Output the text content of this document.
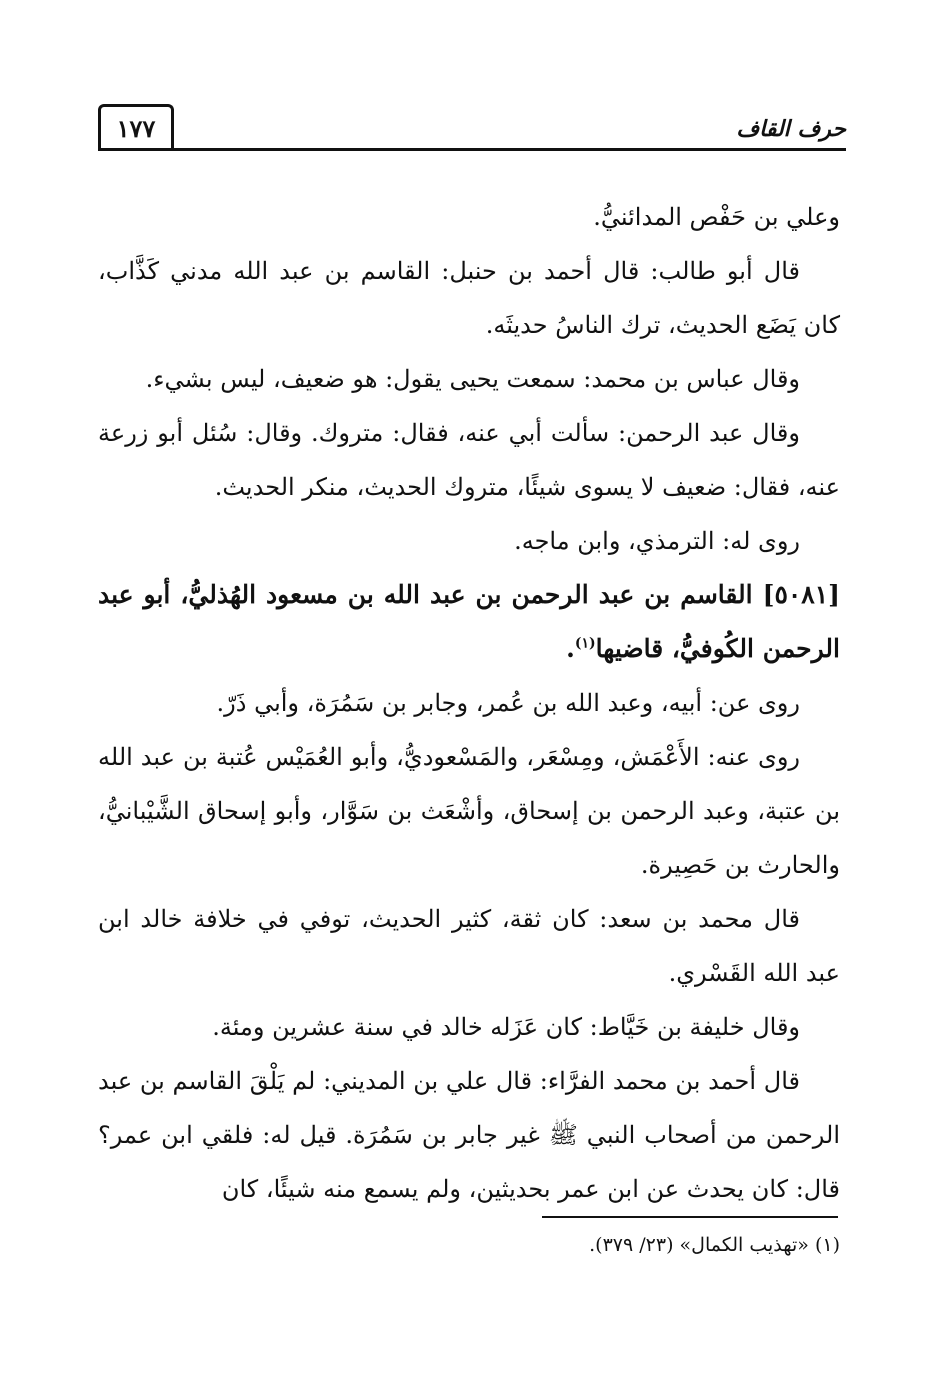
١٧٧	حرف القاف

وعلي بن حَفْص المدائنيُّ.

قال أبو طالب: قال أحمد بن حنبل: القاسم بن عبد الله مدني كَذَّاب، كان يَضَع الحديث، ترك الناسُ حديثَه.

وقال عباس بن محمد: سمعت يحيى يقول: هو ضعيف، ليس بشيء.

وقال عبد الرحمن: سألت أبي عنه، فقال: متروك. وقال: سُئل أبو زرعة عنه، فقال: ضعيف لا يسوى شيئًا، متروك الحديث، منكر الحديث.

روى له: الترمذي، وابن ماجه.

[٥٠٨١] القاسم بن عبد الرحمن بن عبد الله بن مسعود الهُذليُّ، أبو عبد الرحمن الكُوفيُّ، قاضيها$^{(١)}$.

روى عن: أبيه، وعبد الله بن عُمر، وجابر بن سَمُرَة، وأبي ذَرّ.

روى عنه: الأَعْمَش، ومِسْعَر، والمَسْعوديُّ، وأبو العُمَيْس عُتبة بن عبد الله بن عتبة، وعبد الرحمن بن إسحاق، وأشْعَث بن سَوَّار، وأبو إسحاق الشَّيْبانيُّ، والحارث بن حَصِيرة.

قال محمد بن سعد: كان ثقة، كثير الحديث، توفي في خلافة خالد ابن عبد الله القَسْري.

وقال خليفة بن خَيَّاط: كان عَزَله خالد في سنة عشرين ومئة.

قال أحمد بن محمد الفرَّاء: قال علي بن المديني: لم يَلْقَ القاسم بن عبد الرحمن من أصحاب النبي ﷺ غير جابر بن سَمُرَة. قيل له: فلقي ابن عمر؟ قال: كان يحدث عن ابن عمر بحديثين، ولم يسمع منه شيئًا، كان

(١) «تهذيب الكمال» (٢٣/ ٣٧٩).
